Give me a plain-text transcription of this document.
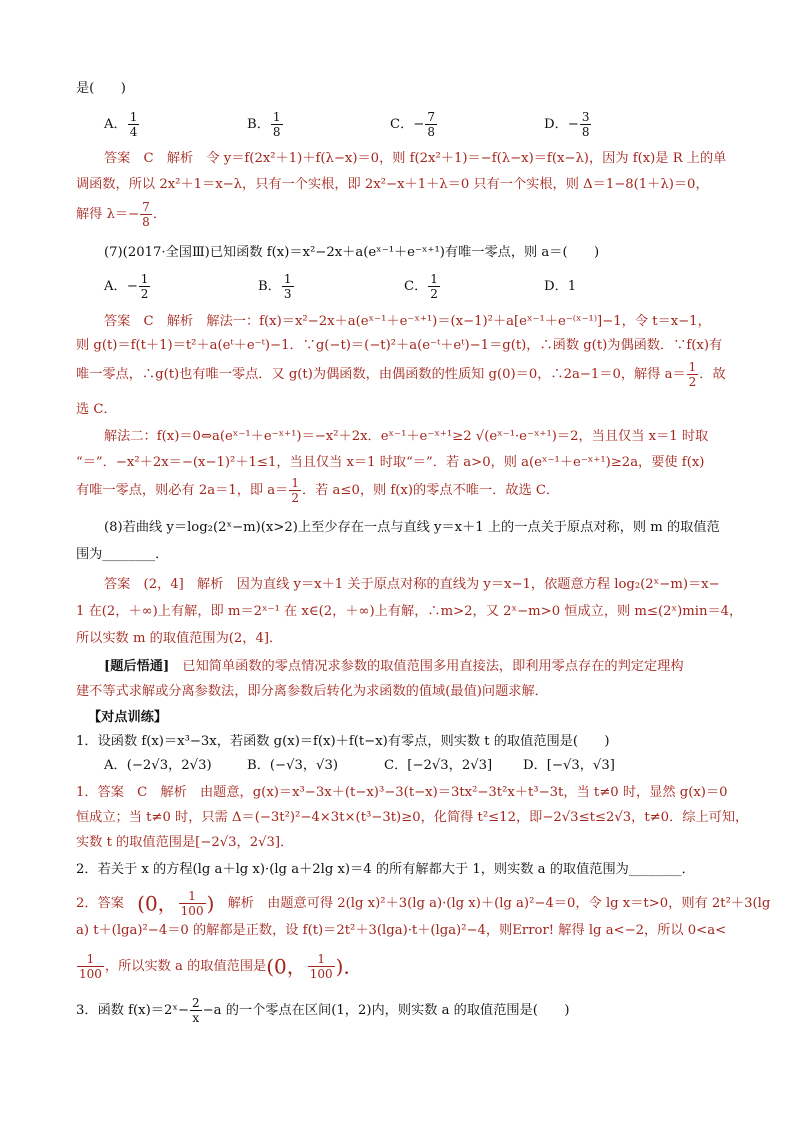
是(　　)
A． $\frac{1}{4}$	B． $\frac{1}{8}$	C．− $\frac{7}{8}$	D．− $\frac{3}{8}$
答案　C　解析　令 y＝f(2x²＋1)＋f(λ−x)＝0，则 f(2x²＋1)＝−f(λ−x)＝f(x−λ)，因为 f(x)是 R 上的单
调函数，所以 2x²＋1＝x−λ，只有一个实根，即 2x²−x＋1＋λ＝0 只有一个实根，则 Δ＝1−8(1＋λ)＝0，
解得 $\lambda=- \frac{7}{8}$ ．
(7)(2017·全国Ⅲ)已知函数 f(x)＝x²−2x＋a(eˣ⁻¹＋e⁻ˣ⁺¹)有唯一零点，则 a＝(　　)
A．− $\frac{1}{2}$	B． $\frac{1}{3}$	C． $\frac{1}{2}$	D．1
答案　C　解析　解法一：f(x)＝x²−2x＋a(eˣ⁻¹＋e⁻ˣ⁺¹)＝(x−1)²＋a[eˣ⁻¹＋e⁻⁽ˣ⁻¹⁾]−1，令 t＝x−1，
则 g(t)＝f(t＋1)＝t²＋a(eᵗ＋e⁻ᵗ)−1．∵g(−t)＝(−t)²＋a(e⁻ᵗ＋eᵗ)−1＝g(t)，∴函数 g(t)为偶函数．∵f(x)有
唯一零点，∴g(t)也有唯一零点．又 g(t)为偶函数，由偶函数的性质知 g(0)＝0，∴2a−1＝0，解得 $a= \frac{1}{2}$ ．故
选 C．
解法二：f(x)＝0⇔a(eˣ⁻¹＋e⁻ˣ⁺¹)＝−x²＋2x．eˣ⁻¹＋e⁻ˣ⁺¹≥2 √(eˣ⁻¹·e⁻ˣ⁺¹)＝2，当且仅当 x＝1 时取
“＝”．−x²＋2x＝−(x−1)²＋1≤1，当且仅当 x＝1 时取“＝”．若 a>0，则 a(eˣ⁻¹＋e⁻ˣ⁺¹)≥2a，要使 f(x)
有唯一零点，则必有 2a＝1，即 $a= \frac{1}{2}$ ．若 a≤0，则 f(x)的零点不唯一．故选 C．
(8)若曲线 y＝log₂(2ˣ−m)(x>2)上至少存在一点与直线 y＝x＋1 上的一点关于原点对称，则 m 的取值范
围为________．
答案　(2，4]　解析　因为直线 y＝x＋1 关于原点对称的直线为 y＝x−1，依题意方程 log₂(2ˣ−m)＝x−
1 在(2，＋∞)上有解，即 m＝2ˣ⁻¹ 在 x∈(2，＋∞)上有解，∴m>2，又 2ˣ−m>0 恒成立，则 m≤(2ˣ)min＝4，
所以实数 m 的取值范围为(2，4]．
[题后悟通]　已知简单函数的零点情况求参数的取值范围多用直接法，即利用零点存在的判定定理构
建不等式求解或分离参数法，即分离参数后转化为求函数的值域(最值)问题求解．
【对点训练】
1．设函数 f(x)＝x³−3x，若函数 g(x)＝f(x)＋f(t−x)有零点，则实数 t 的取值范围是(　　)
A．(−2√3，2√3)	B．(−√3，√3)	C．[−2√3，2√3] D．[−√3，√3]
1．答案　C　解析　由题意，g(x)＝x³−3x＋(t−x)³−3(t−x)＝3tx²−3t²x＋t³−3t，当 t≠0 时，显然 g(x)＝0
恒成立；当 t≠0 时，只需 Δ＝(−3t²)²−4×3t×(t³−3t)≥0，化简得 t²≤12，即−2√3≤t≤2√3，t≠0．综上可知，
实数 t 的取值范围是[−2√3，2√3]．
2．若关于 x 的方程(lg a＋lg x)·(lg a＋2lg x)＝4 的所有解都大于 1，则实数 a 的取值范围为________．
2．答案　(0， $\frac{1}{100}$ )　解析　由题意可得 2(lg x)²＋3(lg a)·(lg x)＋(lg a)²−4＝0，令 lg x＝t>0，则有 2t²＋3(lg
a) t＋(lga)²−4＝0 的解都是正数，设 f(t)＝2t²＋3(lga)·t＋(lga)²−4，则Error! 解得 lg a<−2，所以 0<a<
$\frac{1}{100}$ ，所以实数 a 的取值范围是(0， $\frac{1}{100}$ )．
3．函数 f(x)＝2ˣ− $\frac{2}{x} -a$ 的一个零点在区间(1，2)内，则实数 a 的取值范围是(　　)
